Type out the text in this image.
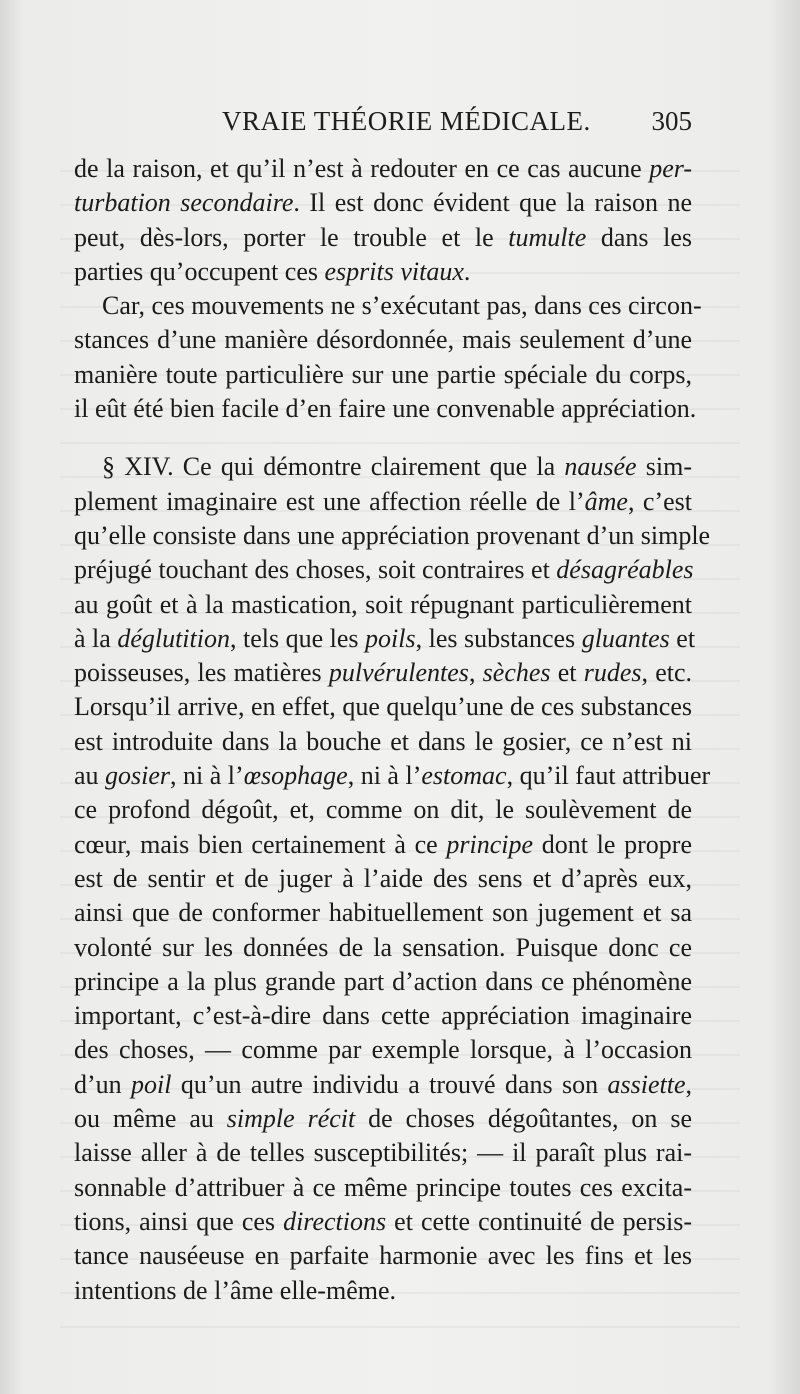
VRAIE THÉORIE MÉDICALE. 305

de la raison, et qu’il n’est à redouter en ce cas aucune per-
turbation secondaire. Il est donc évident que la raison ne
peut, dès-lors, porter le trouble et le tumulte dans les
parties qu’occupent ces esprits vitaux.

Car, ces mouvements ne s’exécutant pas, dans ces circon-
stances d’une manière désordonnée, mais seulement d’une
manière toute particulière sur une partie spéciale du corps,
il eût été bien facile d’en faire une convenable appréciation.

§ XIV. Ce qui démontre clairement que la nausée sim-
plement imaginaire est une affection réelle de l’âme, c’est
qu’elle consiste dans une appréciation provenant d’un simple
préjugé touchant des choses, soit contraires et désagréables
au goût et à la mastication, soit répugnant particulièrement
à la déglutition, tels que les poils, les substances gluantes et
poisseuses, les matières pulvérulentes, sèches et rudes, etc.
Lorsqu’il arrive, en effet, que quelqu’une de ces substances
est introduite dans la bouche et dans le gosier, ce n’est ni
au gosier, ni à l’œsophage, ni à l’estomac, qu’il faut attribuer
ce profond dégoût, et, comme on dit, le soulèvement de
cœur, mais bien certainement à ce principe dont le propre
est de sentir et de juger à l’aide des sens et d’après eux,
ainsi que de conformer habituellement son jugement et sa
volonté sur les données de la sensation. Puisque donc ce
principe a la plus grande part d’action dans ce phénomène
important, c’est-à-dire dans cette appréciation imaginaire
des choses, — comme par exemple lorsque, à l’occasion
d’un poil qu’un autre individu a trouvé dans son assiette,
ou même au simple récit de choses dégoûtantes, on se
laisse aller à de telles susceptibilités; — il paraît plus rai-
sonnable d’attribuer à ce même principe toutes ces excita-
tions, ainsi que ces directions et cette continuité de persis-
tance nauséeuse en parfaite harmonie avec les fins et les
intentions de l’âme elle-même.
